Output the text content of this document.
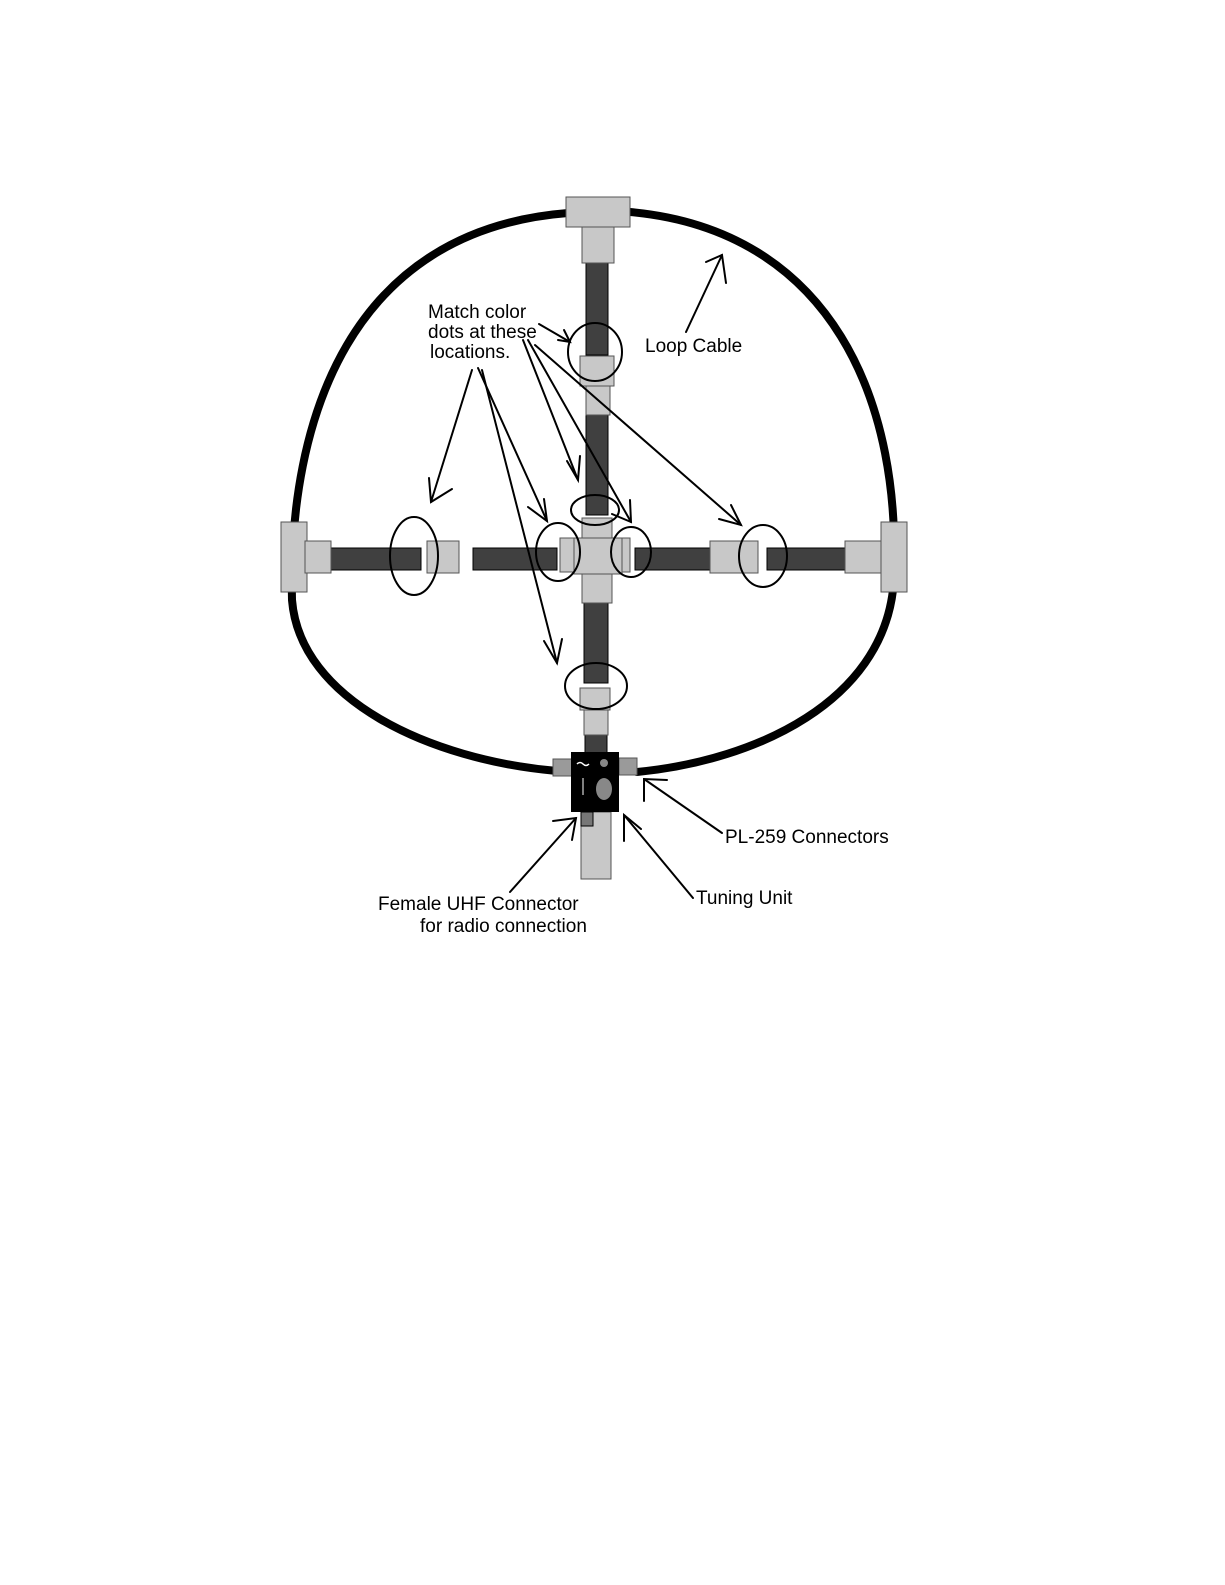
Match color
dots at these
locations.	Loop Cable
PL-259 Connectors
Tuning Unit
Female UHF Connector
for radio connection
